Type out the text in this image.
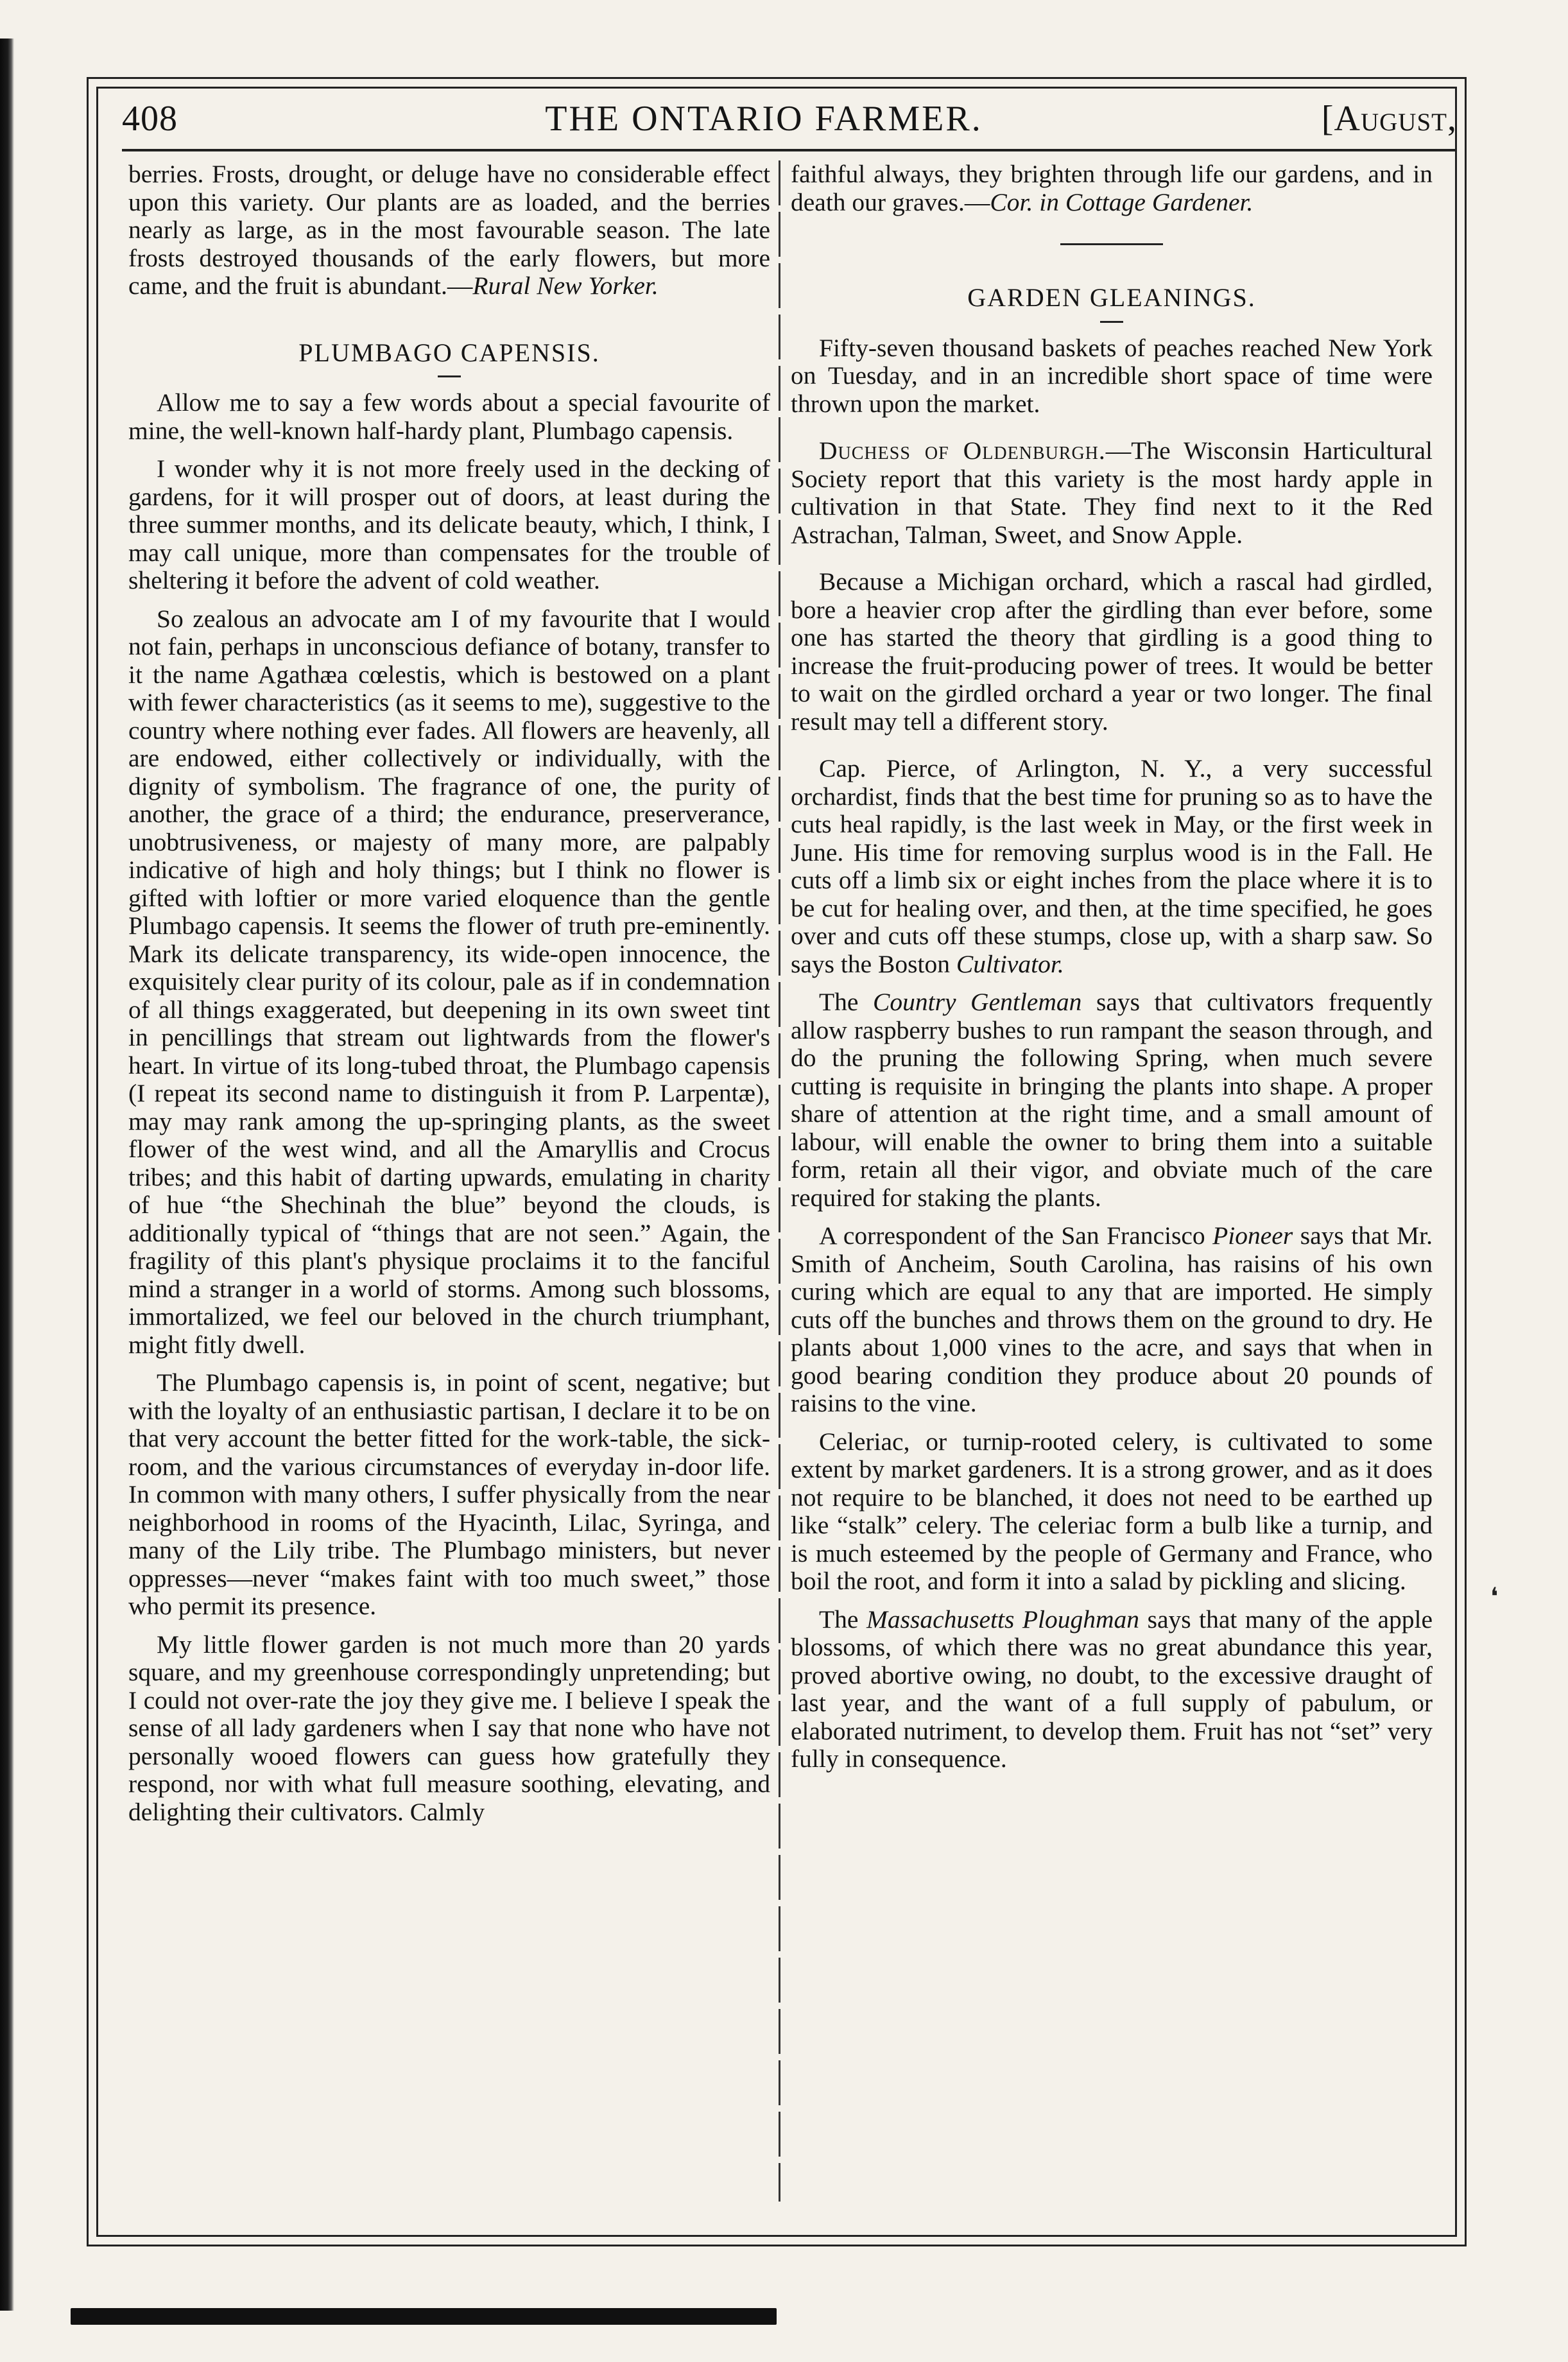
408	THE ONTARIO FARMER.	[August,

berries. Frosts, drought, or deluge have no considerable effect upon this variety. Our plants are as loaded, and the berries nearly as large, as in the most favourable season. The late frosts destroyed thousands of the early flowers, but more came, and the fruit is abundant.—Rural New Yorker.

PLUMBAGO CAPENSIS.

Allow me to say a few words about a special favourite of mine, the well-known half-hardy plant, Plumbago capensis.

I wonder why it is not more freely used in the decking of gardens, for it will prosper out of doors, at least during the three summer months, and its delicate beauty, which, I think, I may call unique, more than compensates for the trouble of sheltering it before the advent of cold weather.

So zealous an advocate am I of my favourite that I would not fain, perhaps in unconscious defiance of botany, transfer to it the name Agathæa cœlestis, which is bestowed on a plant with fewer characteristics (as it seems to me), suggestive to the country where nothing ever fades. All flowers are heavenly, all are endowed, either collectively or individually, with the dignity of symbolism. The fragrance of one, the purity of another, the grace of a third; the endurance, preserverance, unobtrusiveness, or majesty of many more, are palpably indicative of high and holy things; but I think no flower is gifted with loftier or more varied eloquence than the gentle Plumbago capensis. It seems the flower of truth pre-eminently. Mark its delicate transparency, its wide-open innocence, the exquisitely clear purity of its colour, pale as if in condemnation of all things exaggerated, but deepening in its own sweet tint in pencillings that stream out lightwards from the flower's heart. In virtue of its long-tubed throat, the Plumbago capensis (I repeat its second name to distinguish it from P. Larpentæ), may may rank among the up-springing plants, as the sweet flower of the west wind, and all the Amaryllis and Crocus tribes; and this habit of darting upwards, emulating in charity of hue “the Shechinah the blue” beyond the clouds, is additionally typical of “things that are not seen.” Again, the fragility of this plant's physique proclaims it to the fanciful mind a stranger in a world of storms. Among such blossoms, immortalized, we feel our beloved in the church triumphant, might fitly dwell.

The Plumbago capensis is, in point of scent, negative; but with the loyalty of an enthusiastic partisan, I declare it to be on that very account the better fitted for the work-table, the sick-room, and the various circumstances of everyday in-door life. In common with many others, I suffer physically from the near neighborhood in rooms of the Hyacinth, Lilac, Syringa, and many of the Lily tribe. The Plumbago ministers, but never oppresses—never “makes faint with too much sweet,” those who permit its presence.

My little flower garden is not much more than 20 yards square, and my greenhouse correspondingly unpretending; but I could not over-rate the joy they give me. I believe I speak the sense of all lady gardeners when I say that none who have not personally wooed flowers can guess how gratefully they respond, nor with what full measure soothing, elevating, and delighting their cultivators. Calmly

faithful always, they brighten through life our gardens, and in death our graves.—Cor. in Cottage Gardener.

GARDEN GLEANINGS.

Fifty-seven thousand baskets of peaches reached New York on Tuesday, and in an incredible short space of time were thrown upon the market.

Duchess of Oldenburgh.—The Wisconsin Harticultural Society report that this variety is the most hardy apple in cultivation in that State. They find next to it the Red Astrachan, Talman, Sweet, and Snow Apple.

Because a Michigan orchard, which a rascal had girdled, bore a heavier crop after the girdling than ever before, some one has started the theory that girdling is a good thing to increase the fruit-producing power of trees. It would be better to wait on the girdled orchard a year or two longer. The final result may tell a different story.

Cap. Pierce, of Arlington, N. Y., a very successful orchardist, finds that the best time for pruning so as to have the cuts heal rapidly, is the last week in May, or the first week in June. His time for removing surplus wood is in the Fall. He cuts off a limb six or eight inches from the place where it is to be cut for healing over, and then, at the time specified, he goes over and cuts off these stumps, close up, with a sharp saw. So says the Boston Cultivator.

The Country Gentleman says that cultivators frequently allow raspberry bushes to run rampant the season through, and do the pruning the following Spring, when much severe cutting is requisite in bringing the plants into shape. A proper share of attention at the right time, and a small amount of labour, will enable the owner to bring them into a suitable form, retain all their vigor, and obviate much of the care required for staking the plants.

A correspondent of the San Francisco Pioneer says that Mr. Smith of Ancheim, South Carolina, has raisins of his own curing which are equal to any that are imported. He simply cuts off the bunches and throws them on the ground to dry. He plants about 1,000 vines to the acre, and says that when in good bearing condition they produce about 20 pounds of raisins to the vine.

Celeriac, or turnip-rooted celery, is cultivated to some extent by market gardeners. It is a strong grower, and as it does not require to be blanched, it does not need to be earthed up like “stalk” celery. The celeriac form a bulb like a turnip, and is much esteemed by the people of Germany and France, who boil the root, and form it into a salad by pickling and slicing.

The Massachusetts Ploughman says that many of the apple blossoms, of which there was no great abundance this year, proved abortive owing, no doubt, to the excessive draught of last year, and the want of a full supply of pabulum, or elaborated nutriment, to develop them. Fruit has not “set” very fully in consequence.

❛
